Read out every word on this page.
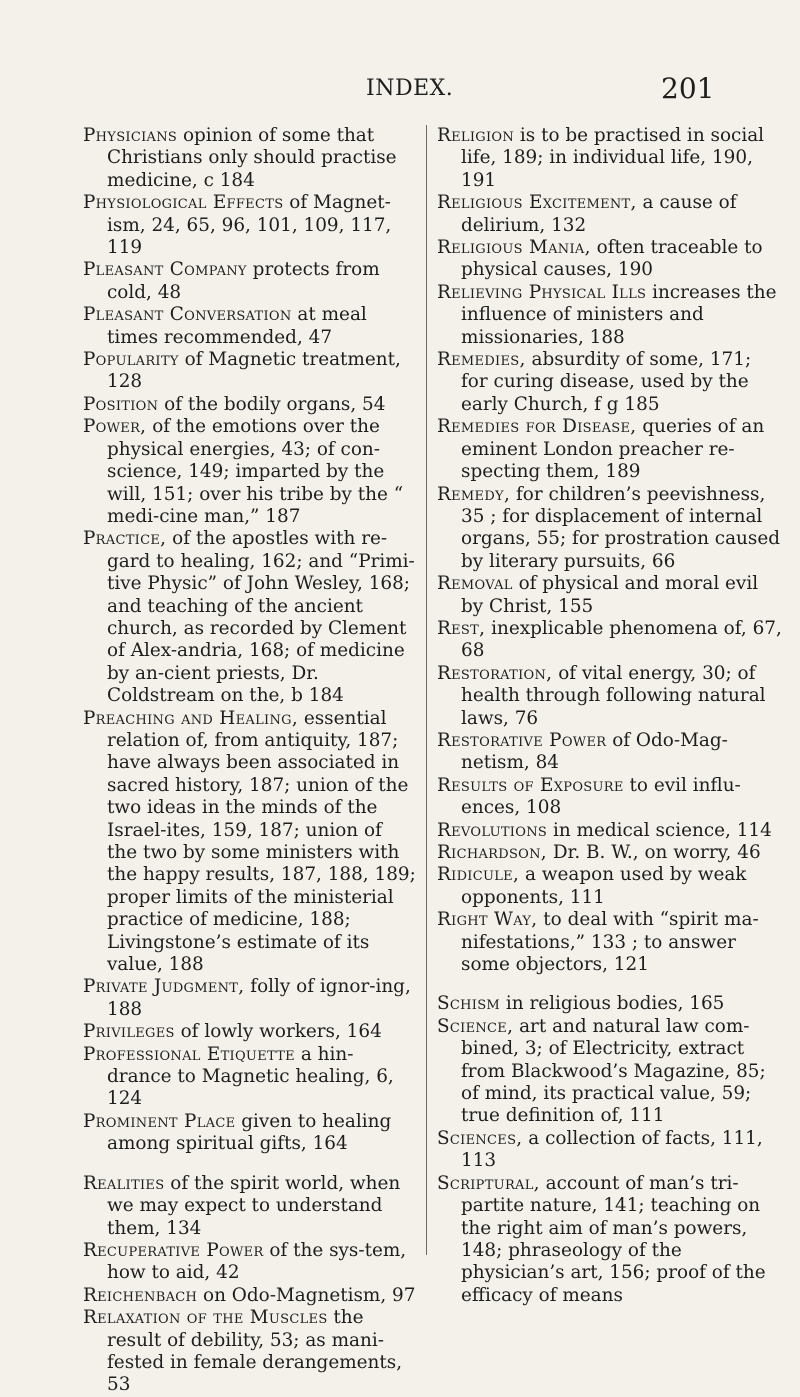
INDEX.	201

Physicians opinion of some that Christians only should practise medicine, c 184

Physiological Effects of Magnet-ism, 24, 65, 96, 101, 109, 117, 119

Pleasant Company protects from cold, 48

Pleasant Conversation at meal times recommended, 47

Popularity of Magnetic treatment, 128

Position of the bodily organs, 54

Power, of the emotions over the physical energies, 43; of con-science, 149; imparted by the will, 151; over his tribe by the “ medi-cine man,” 187

Practice, of the apostles with re-gard to healing, 162; and “Primi-tive Physic” of John Wesley, 168; and teaching of the ancient church, as recorded by Clement of Alex-andria, 168; of medicine by an-cient priests, Dr. Coldstream on the, b 184

Preaching and Healing, essential relation of, from antiquity, 187; have always been associated in sacred history, 187; union of the two ideas in the minds of the Israel-ites, 159, 187; union of the two by some ministers with the happy results, 187, 188, 189; proper limits of the ministerial practice of medicine, 188; Livingstone’s estimate of its value, 188

Private Judgment, folly of ignor-ing, 188

Privileges of lowly workers, 164

Professional Etiquette a hin-drance to Magnetic healing, 6, 124

Prominent Place given to healing among spiritual gifts, 164

Realities of the spirit world, when we may expect to understand them, 134

Recuperative Power of the sys-tem, how to aid, 42

Reichenbach on Odo-Magnetism, 97

Relaxation of the Muscles the result of debility, 53; as mani-fested in female derangements, 53

Religion is to be practised in social life, 189; in individual life, 190, 191

Religious Excitement, a cause of delirium, 132

Religious Mania, often traceable to physical causes, 190

Relieving Physical Ills increases the influence of ministers and missionaries, 188

Remedies, absurdity of some, 171; for curing disease, used by the early Church, f g 185

Remedies for Disease, queries of an eminent London preacher re-specting them, 189

Remedy, for children’s peevishness, 35 ; for displacement of internal organs, 55; for prostration caused by literary pursuits, 66

Removal of physical and moral evil by Christ, 155

Rest, inexplicable phenomena of, 67, 68

Restoration, of vital energy, 30; of health through following natural laws, 76

Restorative Power of Odo-Mag-netism, 84

Results of Exposure to evil influ-ences, 108

Revolutions in medical science, 114

Richardson, Dr. B. W., on worry, 46

Ridicule, a weapon used by weak opponents, 111

Right Way, to deal with “spirit ma-nifestations,” 133 ; to answer some objectors, 121

Schism in religious bodies, 165

Science, art and natural law com-bined, 3; of Electricity, extract from Blackwood’s Magazine, 85; of mind, its practical value, 59; true definition of, 111

Sciences, a collection of facts, 111, 113

Scriptural, account of man’s tri-partite nature, 141; teaching on the right aim of man’s powers, 148; phraseology of the physician’s art, 156; proof of the efficacy of means
